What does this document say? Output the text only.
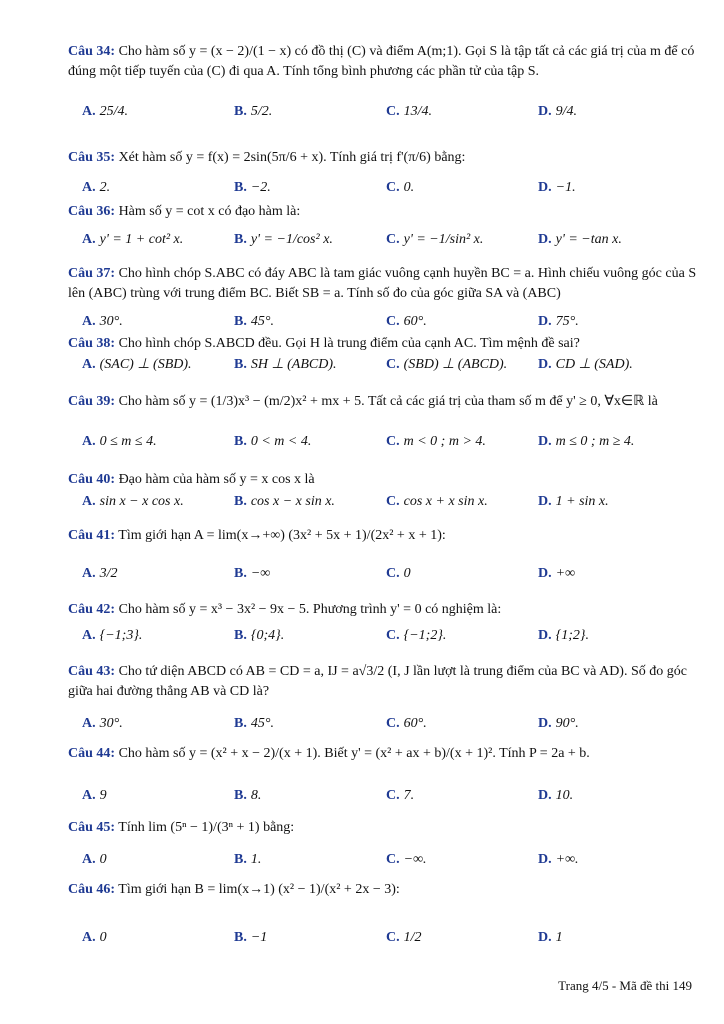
Câu 34: Cho hàm số y = (x − 2)/(1 − x) có đồ thị (C) và điểm A(m;1). Gọi S là tập tất cả các giá trị của m để có đúng một tiếp tuyến của (C) đi qua A. Tính tổng bình phương các phần tử của tập S.
A. 25/4.	B. 5/2.	C. 13/4.	D. 9/4.
Câu 35: Xét hàm số y = f(x) = 2sin(5π/6 + x). Tính giá trị f'(π/6) bằng:
A. 2.	B. −2.	C. 0.	D. −1.
Câu 36: Hàm số y = cot x có đạo hàm là:
A. y' = 1 + cot² x.	B. y' = −1/cos² x.	C. y' = −1/sin² x.	D. y' = −tan x.
Câu 37: Cho hình chóp S.ABC có đáy ABC là tam giác vuông cạnh huyền BC = a. Hình chiếu vuông góc của S lên (ABC) trùng với trung điểm BC. Biết SB = a. Tính số đo của góc giữa SA và (ABC)
A. 30°.	B. 45°.	C. 60°.	D. 75°.
Câu 38: Cho hình chóp S.ABCD đều. Gọi H là trung điểm của cạnh AC. Tìm mệnh đề sai?
A. (SAC) ⊥ (SBD).	B. SH ⊥ (ABCD).	C. (SBD) ⊥ (ABCD). D. CD ⊥ (SAD).
Câu 39: Cho hàm số y = (1/3)x³ − (m/2)x² + mx + 5. Tất cả các giá trị của tham số m để y' ≥ 0, ∀x∈ℝ là
A. 0 ≤ m ≤ 4.	B. 0 < m < 4.	C. m < 0 ; m > 4.	D. m ≤ 0 ; m ≥ 4.
Câu 40: Đạo hàm của hàm số y = x cos x là
A. sin x − x cos x.	B. cos x − x sin x.	C. cos x + x sin x.	D. 1 + sin x.
Câu 41: Tìm giới hạn A = lim(x→+∞) (3x² + 5x + 1)/(2x² + x + 1):
A. 3/2	B. −∞	C. 0	D. +∞
Câu 42: Cho hàm số y = x³ − 3x² − 9x − 5. Phương trình y' = 0 có nghiệm là:
A. {−1;3}.	B. {0;4}.	C. {−1;2}.	D. {1;2}.
Câu 43: Cho tứ diện ABCD có AB = CD = a, IJ = a√3/2 (I, J lần lượt là trung điểm của BC và AD). Số đo góc giữa hai đường thẳng AB và CD là?
A. 30°.	B. 45°.	C. 60°.	D. 90°.
Câu 44: Cho hàm số y = (x² + x − 2)/(x + 1). Biết y' = (x² + ax + b)/(x + 1)². Tính P = 2a + b.
A. 9	B. 8.	C. 7.	D. 10.
Câu 45: Tính lim (5ⁿ − 1)/(3ⁿ + 1) bằng:
A. 0	B. 1.	C. −∞.	D. +∞.
Câu 46: Tìm giới hạn B = lim(x→1) (x² − 1)/(x² + 2x − 3):
A. 0	B. −1	C. 1/2	D. 1
Trang 4/5 - Mã đề thi 149
